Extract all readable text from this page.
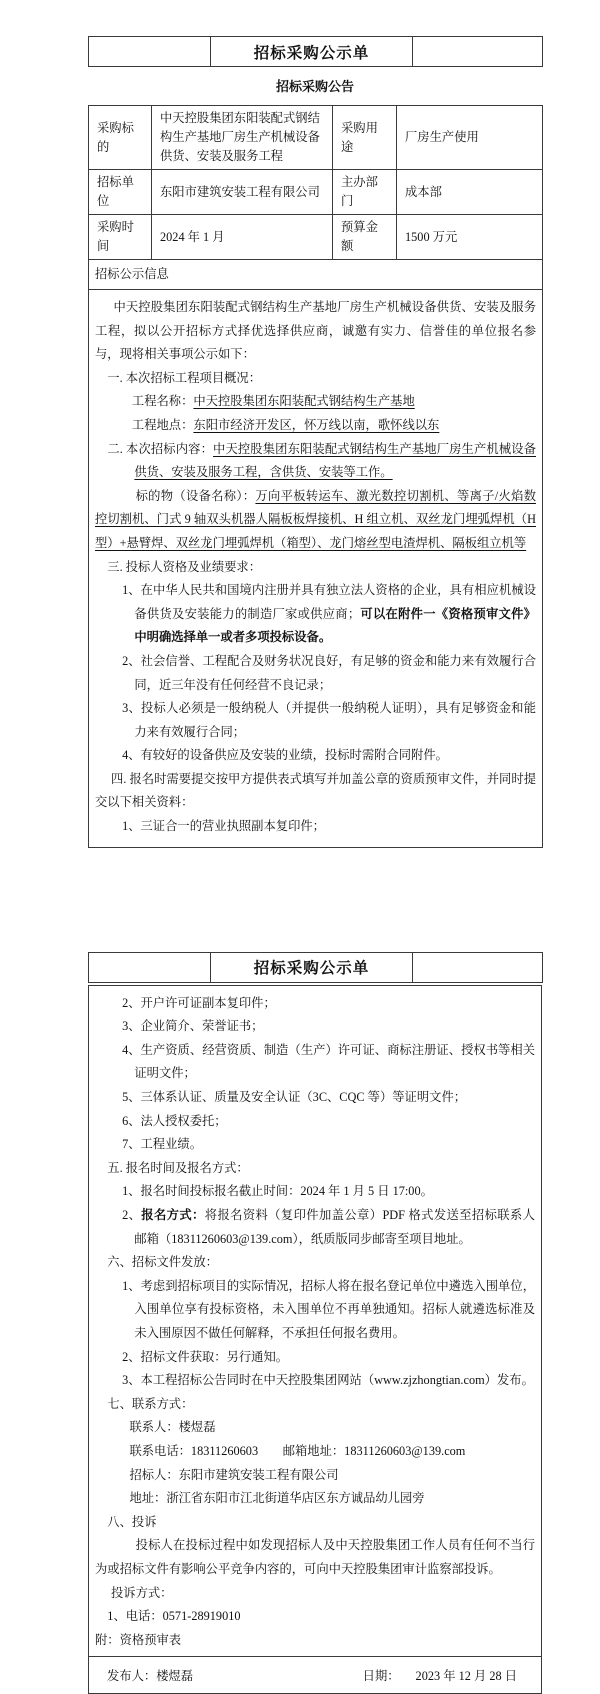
	招标采购公示单	
招标采购公告
采购标的	中天控股集团东阳装配式钢结构生产基地厂房生产机械设备供货、安装及服务工程	采购用途	厂房生产使用
招标单位	东阳市建筑安装工程有限公司	主办部门	成本部
采购时间	2024 年 1 月	预算金额	1500 万元
招标公示信息			

中天控股集团东阳装配式钢结构生产基地厂房生产机械设备供货、安装及服务工程，拟以公开招标方式择优选择供应商，诚邀有实力、信誉佳的单位报名参与，现将相关事项公示如下：

一. 本次招标工程项目概况：

工程名称：中天控股集团东阳装配式钢结构生产基地

工程地点：东阳市经济开发区，怀万线以南，歌怀线以东

二. 本次招标内容：中天控股集团东阳装配式钢结构生产基地厂房生产机械设备供货、安装及服务工程，含供货、安装等工作。

标的物（设备名称）：万向平板转运车、激光数控切割机、等离子/火焰数控切割机、门式 9 轴双头机器人隔板板焊接机、H 组立机、双丝龙门埋弧焊机（H 型）+悬臂焊、双丝龙门埋弧焊机（箱型）、龙门熔丝型电渣焊机、隔板组立机等

三. 投标人资格及业绩要求：

1、在中华人民共和国境内注册并具有独立法人资格的企业，具有相应机械设备供货及安装能力的制造厂家或供应商；可以在附件一《资格预审文件》中明确选择单一或者多项投标设备。

2、社会信誉、工程配合及财务状况良好，有足够的资金和能力来有效履行合同，近三年没有任何经营不良记录；

3、投标人必须是一般纳税人（并提供一般纳税人证明），具有足够资金和能力来有效履行合同；

4、有较好的设备供应及安装的业绩，投标时需附合同附件。

四. 报名时需要提交按甲方提供表式填写并加盖公章的资质预审文件，并同时提交以下相关资料：

1、三证合一的营业执照副本复印件；

	招标采购公示单	

2、开户许可证副本复印件；

3、企业简介、荣誉证书；

4、生产资质、经营资质、制造（生产）许可证、商标注册证、授权书等相关证明文件；

5、三体系认证、质量及安全认证（3C、CQC 等）等证明文件；

6、法人授权委托；

7、工程业绩。

五. 报名时间及报名方式：

1、报名时间投标报名截止时间：2024 年 1 月 5 日 17:00。

2、报名方式：将报名资料（复印件加盖公章）PDF 格式发送至招标联系人邮箱（18311260603@139.com），纸质版同步邮寄至项目地址。

六、招标文件发放：

1、考虑到招标项目的实际情况，招标人将在报名登记单位中遴选入围单位，入围单位享有投标资格，未入围单位不再单独通知。招标人就遴选标准及未入围原因不做任何解释，不承担任何报名费用。

2、招标文件获取：另行通知。

3、本工程招标公告同时在中天控股集团网站（www.zjzhongtian.com）发布。

七、联系方式：

联系人：楼煜磊

联系电话：18311260603　　邮箱地址：18311260603@139.com

招标人：东阳市建筑安装工程有限公司

地址：浙江省东阳市江北街道华店区东方诚品幼儿园旁

八、投诉

投标人在投标过程中如发现招标人及中天控股集团工作人员有任何不当行为或招标文件有影响公平竞争内容的，可向中天控股集团审计监察部投诉。

投诉方式：

1、电话：0571-28919010

附：资格预审表

发布人：楼煜磊	日期： 2023 年 12 月 28 日
